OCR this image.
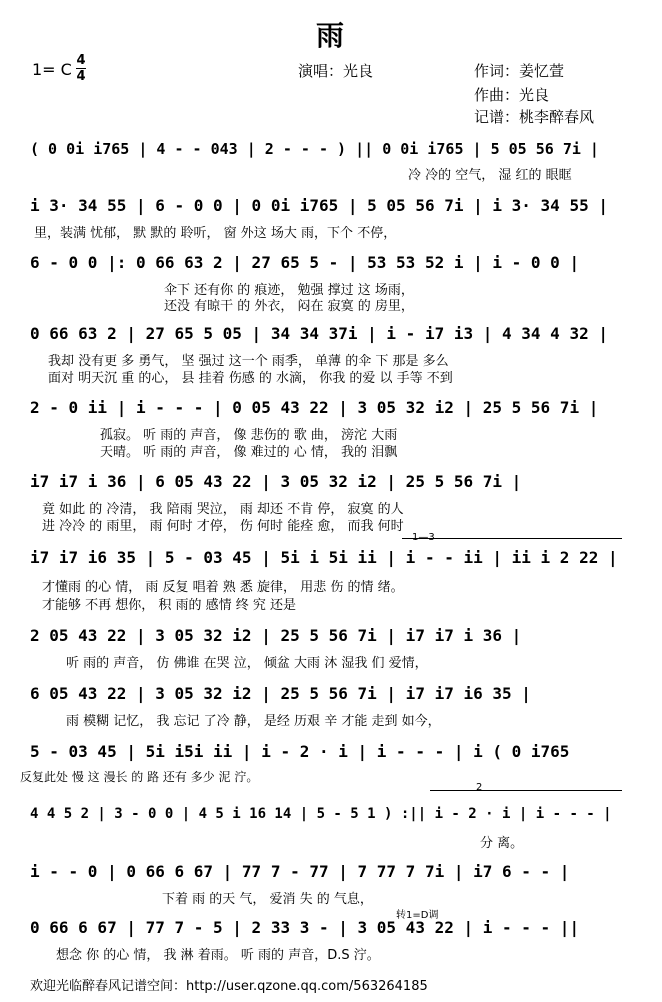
雨
1= C 4
4	演唱：光良	作词：姜忆萱
作曲：光良
记谱：桃李醉春风
( 0 0i i765 | 4 - - 043 | 2 - - - ) || 0 0i i765 | 5 05 56 7i |
冷 冷的 空气， 湿 红的 眼眶
i 3· 34 55 | 6 - 0 0 | 0 0i i765 | 5 05 56 7i | i 3· 34 55 |
里，装满 忧郁， 默 默的 聆听， 窗 外这 场大 雨，下个 不停，
6 - 0 0 |: 0 66 63 2 | 27 65 5 - | 53 53 52 i | i - 0 0 |
伞下 还有你 的 痕迹， 勉强 撑过 这 场雨，
还没 有晾干 的 外衣， 闷在 寂寞 的 房里，
0 66 63 2 | 27 65 5 05 | 34 34 37i | i - i7 i3 | 4 34 4 32 |
我却 没有更 多 勇气， 坚 强过 这一个 雨季， 单薄 的伞 下 那是 多么
面对 明天沉 重 的心， 县 挂着 伤感 的 水滴， 你我 的爱 以 手等 不到
2 - 0 ii | i - - - | 0 05 43 22 | 3 05 32 i2 | 25 5 56 7i |
孤寂。 听 雨的 声音， 像 悲伤的 歌 曲， 滂沱 大雨
天晴。 听 雨的 声音， 像 难过的 心 情， 我的 泪飘
i7 i7 i 36 | 6 05 43 22 | 3 05 32 i2 | 25 5 56 7i |
竟 如此 的 冷清， 我 陪雨 哭泣， 雨 却还 不肯 停， 寂寞 的人
进 冷冷 的 雨里， 雨 何时 才停， 伤 何时 能痊 愈， 而我 何时
1—3
i7 i7 i6 35 | 5 - 03 45 | 5i i 5i ii | i - - ii | ii i 2 22 |
才懂雨 的心 情， 雨 反复 唱着 熟 悉 旋律， 用悲 伤 的情 绪。
才能够 不再 想你， 积 雨的 感情 终 究 还是
2 05 43 22 | 3 05 32 i2 | 25 5 56 7i | i7 i7 i 36 |
听 雨的 声音， 仿 佛谁 在哭 泣， 倾盆 大雨 沐 湿我 们 爱情，
6 05 43 22 | 3 05 32 i2 | 25 5 56 7i | i7 i7 i6 35 |
雨 模糊 记忆， 我 忘记 了冷 静， 是经 历艰 辛 才能 走到 如今，
5 - 03 45 | 5i i5i ii | i - 2 · i | i - - - | i ( 0 i765
反复此处 慢 这 漫长 的 路 还有 多少 泥 泞。
2
4 4 5 2 | 3 - 0 0 | 4 5 i 16 14 | 5 - 5 1 ) :|| i - 2 · i | i - - - |
分 离。
i - - 0 | 0 66 6 67 | 77 7 - 77 | 7 77 7 7i | i7 6 - - |
下着 雨 的天 气， 爱消 失 的 气息，
转1=D调
0 66 6 67 | 77 7 - 5 | 2 33 3 - | 3 05 43 22 | i - - - ||
想念 你 的心 情， 我 淋 着雨。 听 雨的 声音，D.S 泞。
欢迎光临醉春风记谱空间：http://user.qzone.qq.com/563264185
